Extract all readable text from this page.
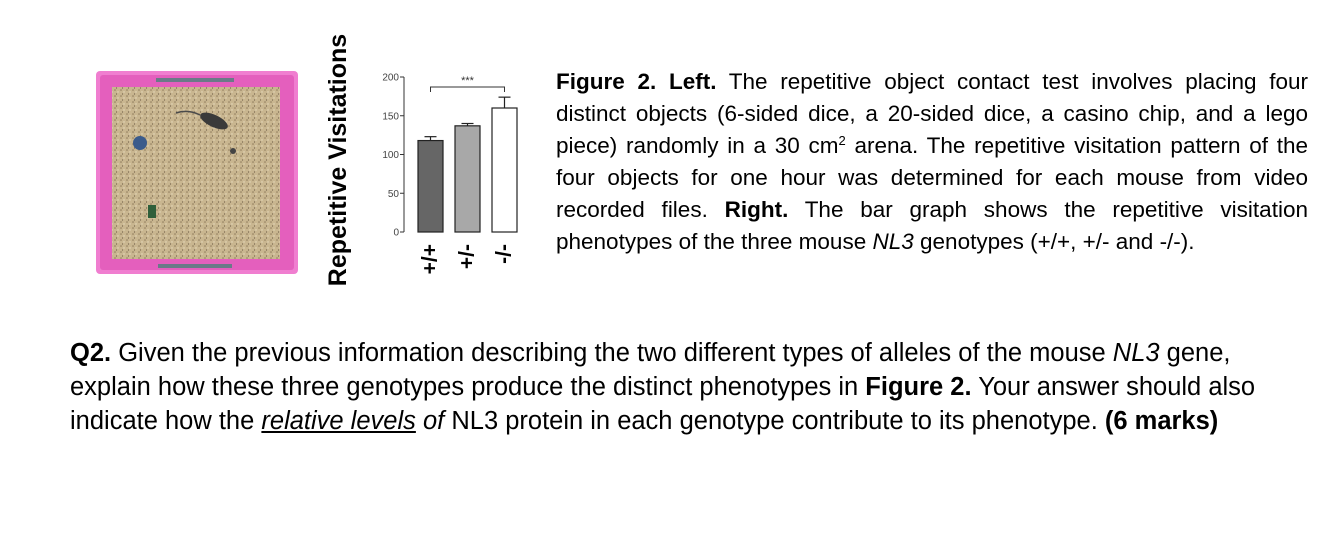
Repetitive Visitations	0
50
100
150
200
+/+ +/- -/-
***	Figure 2. Left. The repetitive object contact test involves placing four distinct objects (6-sided dice, a 20-sided dice, a casino chip, and a lego piece) randomly in a 30 $cm^2$ arena. The repetitive visitation pattern of the four objects for one hour was determined for each mouse from video recorded files. Right. The bar graph shows the repetitive visitation phenotypes of the three mouse NL3 genotypes (+/+, +/- and -/-).
Q2. Given the previous information describing the two different types of alleles of the mouse NL3 gene, explain how these three genotypes produce the distinct phenotypes in Figure 2. Your answer should also indicate how the relative levels of NL3 protein in each genotype contribute to its phenotype. (6 marks)
